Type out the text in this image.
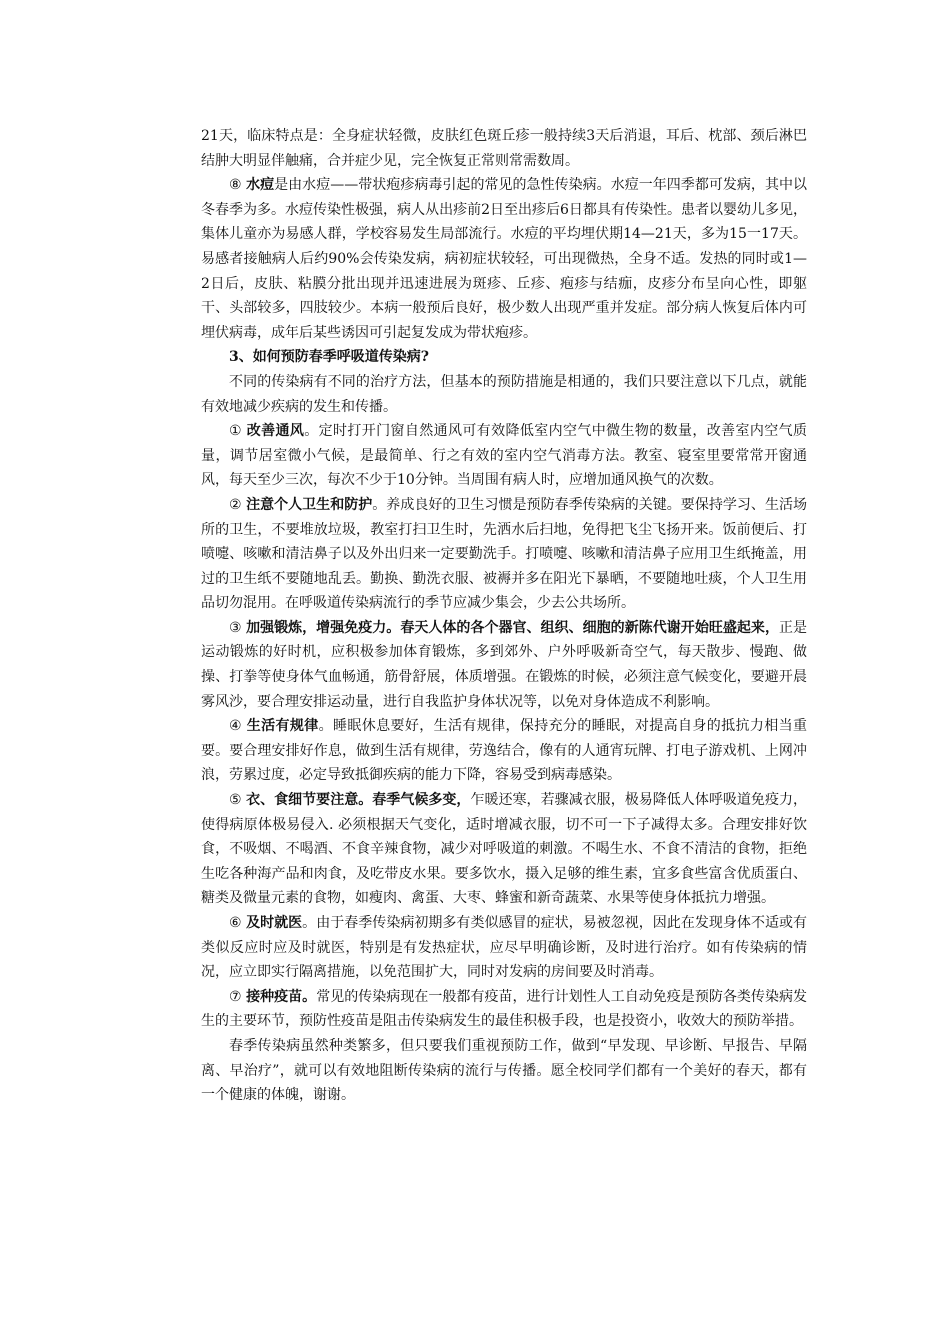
21天，临床特点是：全身症状轻微，皮肤红色斑丘疹一般持续3天后消退，耳后、枕部、颈后淋巴结肿大明显伴触痛，合并症少见，完全恢复正常则常需数周。

⑧ 水痘是由水痘——带状疱疹病毒引起的常见的急性传染病。水痘一年四季都可发病，其中以冬春季为多。水痘传染性极强，病人从出疹前2日至出疹后6日都具有传染性。患者以婴幼儿多见，集体儿童亦为易感人群，学校容易发生局部流行。水痘的平均埋伏期14—21天，多为15一17天。易感者接触病人后约90%会传染发病，病初症状较轻，可出现微热，全身不适。发热的同时或1—2日后，皮肤、粘膜分批出现并迅速进展为斑疹、丘疹、疱疹与结痂，皮疹分布呈向心性，即躯干、头部较多，四肢较少。本病一般预后良好，极少数人出现严重并发症。部分病人恢复后体内可埋伏病毒，成年后某些诱因可引起复发成为带状疱疹。

3、如何预防春季呼吸道传染病?

不同的传染病有不同的治疗方法，但基本的预防措施是相通的，我们只要注意以下几点，就能有效地减少疾病的发生和传播。

① 改善通风。定时打开门窗自然通风可有效降低室内空气中微生物的数量，改善室内空气质量，调节居室微小气候，是最简单、行之有效的室内空气消毒方法。教室、寝室里要常常开窗通风，每天至少三次，每次不少于10分钟。当周围有病人时，应增加通风换气的次数。

② 注意个人卫生和防护。养成良好的卫生习惯是预防春季传染病的关键。要保持学习、生活场所的卫生，不要堆放垃圾，教室打扫卫生时，先洒水后扫地，免得把飞尘飞扬开来。饭前便后、打喷嚏、咳嗽和清洁鼻子以及外出归来一定要勤洗手。打喷嚏、咳嗽和清洁鼻子应用卫生纸掩盖，用过的卫生纸不要随地乱丢。勤换、勤洗衣服、被褥并多在阳光下暴晒，不要随地吐痰，个人卫生用品切勿混用。在呼吸道传染病流行的季节应减少集会，少去公共场所。

③ 加强锻炼，增强免疫力。春天人体的各个器官、组织、细胞的新陈代谢开始旺盛起来，正是运动锻炼的好时机，应积极参加体育锻炼，多到郊外、户外呼吸新奇空气，每天散步、慢跑、做操、打拳等使身体气血畅通，筋骨舒展，体质增强。在锻炼的时候，必须注意气候变化，要避开晨雾风沙，要合理安排运动量，进行自我监护身体状况等，以免对身体造成不利影响。

④ 生活有规律。睡眠休息要好，生活有规律，保持充分的睡眠，对提高自身的抵抗力相当重要。要合理安排好作息，做到生活有规律，劳逸结合，像有的人通宵玩牌、打电子游戏机、上网冲浪，劳累过度，必定导致抵御疾病的能力下降，容易受到病毒感染。

⑤ 衣、食细节要注意。春季气候多变，乍暖还寒，若骤减衣服，极易降低人体呼吸道免疫力，使得病原体极易侵入. 必须根据天气变化，适时增减衣服，切不可一下子减得太多。合理安排好饮食，不吸烟、不喝酒、不食辛辣食物，减少对呼吸道的刺激。不喝生水、不食不清洁的食物，拒绝生吃各种海产品和肉食，及吃带皮水果。要多饮水，摄入足够的维生素，宜多食些富含优质蛋白、糖类及微量元素的食物，如瘦肉、禽蛋、大枣、蜂蜜和新奇蔬菜、水果等使身体抵抗力增强。

⑥ 及时就医。由于春季传染病初期多有类似感冒的症状，易被忽视，因此在发现身体不适或有类似反应时应及时就医，特别是有发热症状，应尽早明确诊断，及时进行治疗。如有传染病的情况，应立即实行隔离措施，以免范围扩大，同时对发病的房间要及时消毒。

⑦ 接种疫苗。常见的传染病现在一般都有疫苗，进行计划性人工自动免疫是预防各类传染病发生的主要环节，预防性疫苗是阻击传染病发生的最佳积极手段，也是投资小，收效大的预防举措。

春季传染病虽然种类繁多，但只要我们重视预防工作，做到“早发现、早诊断、早报告、早隔离、早治疗”，就可以有效地阻断传染病的流行与传播。愿全校同学们都有一个美好的春天，都有一个健康的体魄，谢谢。
